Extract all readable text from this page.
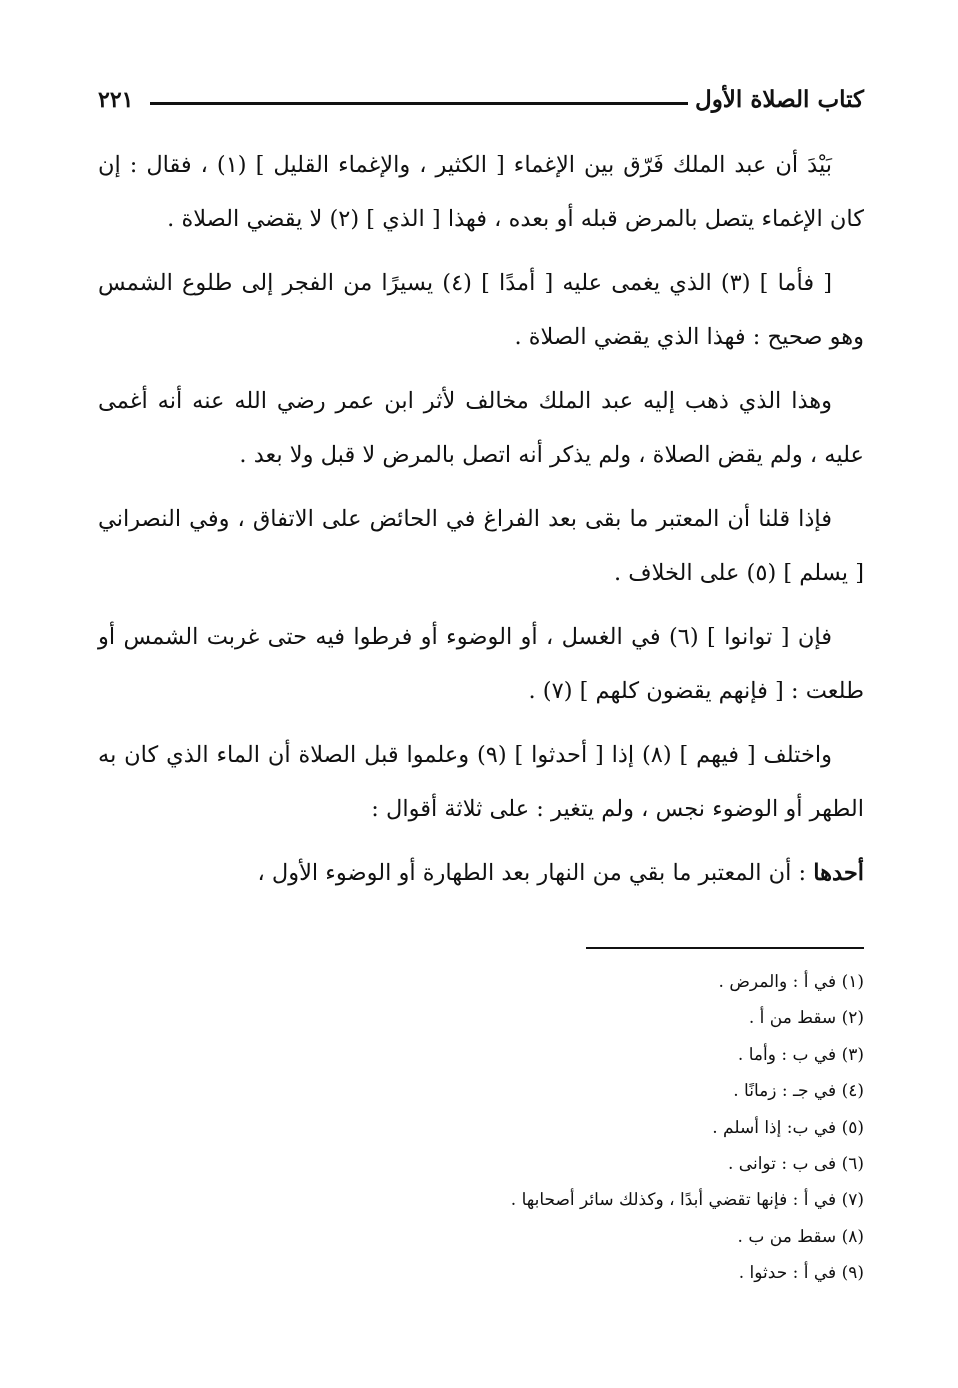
كتاب الصلاة الأول
٢٢١

بَيْدَ أن عبد الملك فَرّق بين الإغماء [ الكثير ، والإغماء القليل ] (١) ، فقال : إن كان الإغماء يتصل بالمرض قبله أو بعده ، فهذا [ الذي ] (٢) لا يقضي الصلاة .

[ فأما ] (٣) الذي يغمى عليه [ أمدًا ] (٤) يسيرًا من الفجر إلى طلوع الشمس وهو صحيح : فهذا الذي يقضي الصلاة .

وهذا الذي ذهب إليه عبد الملك مخالف لأثر ابن عمر رضي الله عنه أنه أغمى عليه ، ولم يقض الصلاة ، ولم يذكر أنه اتصل بالمرض لا قبل ولا بعد .

فإذا قلنا أن المعتبر ما بقى بعد الفراغ في الحائض على الاتفاق ، وفي النصراني [ يسلم ] (٥) على الخلاف .

فإن [ توانوا ] (٦) في الغسل ، أو الوضوء أو فرطوا فيه حتى غربت الشمس أو طلعت : [ فإنهم يقضون كلهم ] (٧) .

واختلف [ فيهم ] (٨) إذا [ أحدثوا ] (٩) وعلموا قبل الصلاة أن الماء الذي كان به الطهر أو الوضوء نجس ، ولم يتغير : على ثلاثة أقوال :

أحدها : أن المعتبر ما بقي من النهار بعد الطهارة أو الوضوء الأول ،

(١) في أ : والمرض .
(٢) سقط من أ .
(٣) في ب : وأما .
(٤) في جـ : زمانًا .
(٥) في ب: إذا أسلم .
(٦) فى ب : توانى .
(٧) في أ : فإنها تقضي أبدًا ، وكذلك سائر أصحابها .
(٨) سقط من ب .
(٩) في أ : حدثوا .
